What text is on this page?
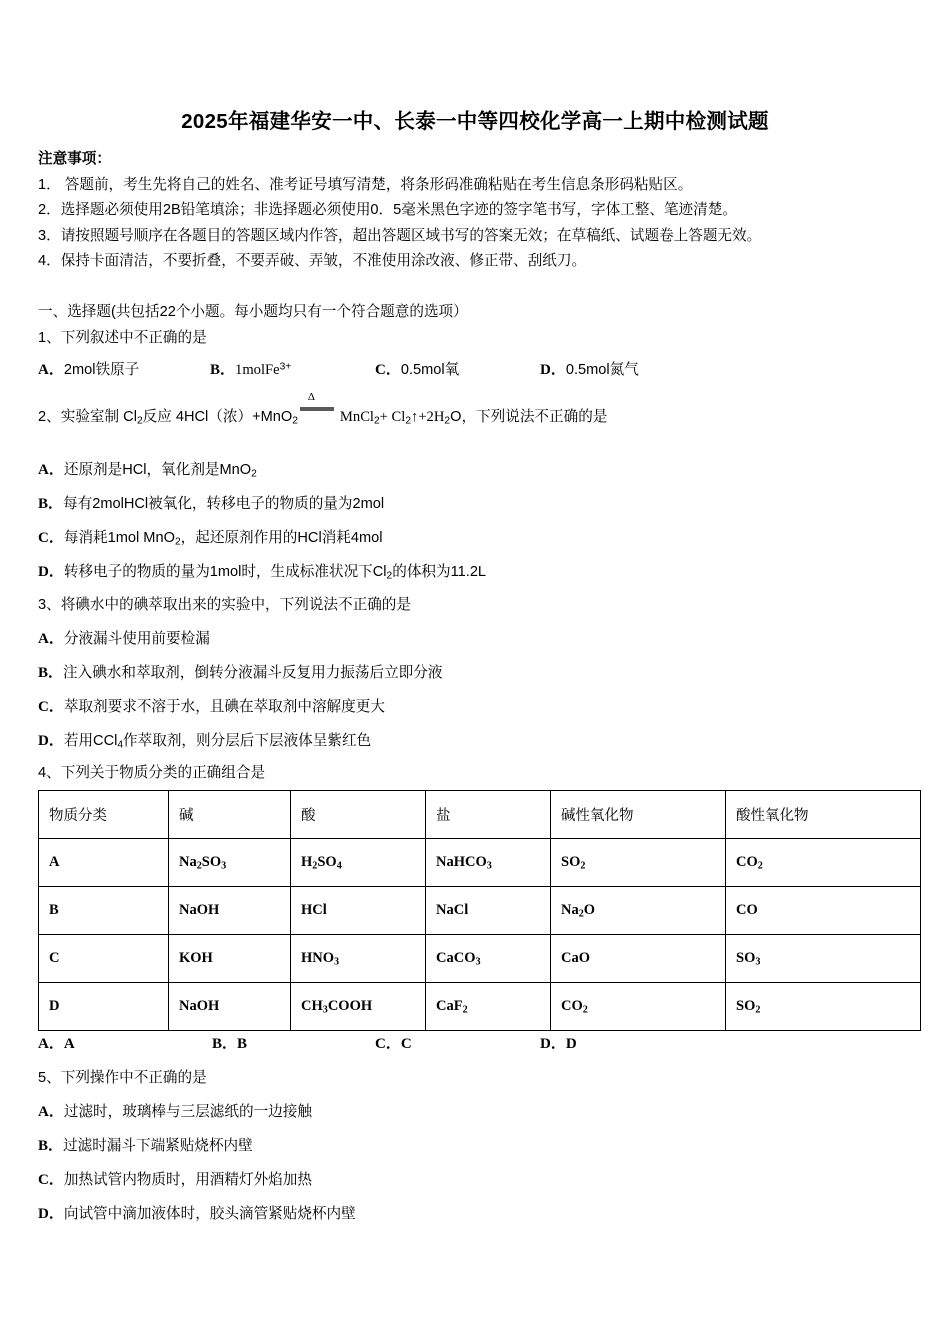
2025年福建华安一中、长泰一中等四校化学高一上期中检测试题
注意事项：
1． 答题前，考生先将自己的姓名、准考证号填写清楚，将条形码准确粘贴在考生信息条形码粘贴区。
2．选择题必须使用2B铅笔填涂；非选择题必须使用0．5毫米黑色字迹的签字笔书写，字体工整、笔迹清楚。
3．请按照题号顺序在各题目的答题区域内作答，超出答题区域书写的答案无效；在草稿纸、试题卷上答题无效。
4．保持卡面清洁，不要折叠，不要弄破、弄皱，不准使用涂改液、修正带、刮纸刀。
一、选择题(共包括22个小题。每小题均只有一个符合题意的选项）
1、下列叙述中不正确的是
A．2mol铁原子	B．1molFe$^{3+}$	C．0.5mol氧	D．0.5mol氮气
2、实验室制 $Cl_2$反应 4HCl（浓）+MnO$_2$
Δ
MnCl$_2$+ $Cl_2↑+2H_2O$，下列说法不正确的是
A．还原剂是HCl，氧化剂是MnO$_2$
B．每有2molHCl被氧化，转移电子的物质的量为2mol
C．每消耗1mol MnO$_2$，起还原剂作用的HCl消耗4mol
D．转移电子的物质的量为1mol时，生成标准状况下$Cl_2$的体积为11.2L
3、将碘水中的碘萃取出来的实验中，下列说法不正确的是
A．分液漏斗使用前要检漏
B．注入碘水和萃取剂，倒转分液漏斗反复用力振荡后立即分液
C．萃取剂要求不溶于水，且碘在萃取剂中溶解度更大
D．若用CCl$_4$作萃取剂，则分层后下层液体呈紫红色
4、下列关于物质分类的正确组合是
物质分类	碱	酸	盐	碱性氧化物	酸性氧化物
A	$Na_2SO_3$	$H_2SO_4$	NaHCO$_3$	$SO_2$	$CO_2$
B	NaOH	HCl	NaCl	$Na_2O$	CO
C	KOH	$HNO_3$	CaCO$_3$	CaO	$SO_3$
D	NaOH	$CH_3COOH$	CaF$_2$	$CO_2$	$SO_2$
A．A	B．B	C．C	D．D
5、下列操作中不正确的是
A．过滤时，玻璃棒与三层滤纸的一边接触
B．过滤时漏斗下端紧贴烧杯内壁
C．加热试管内物质时，用酒精灯外焰加热
D．向试管中滴加液体时，胶头滴管紧贴烧杯内壁
